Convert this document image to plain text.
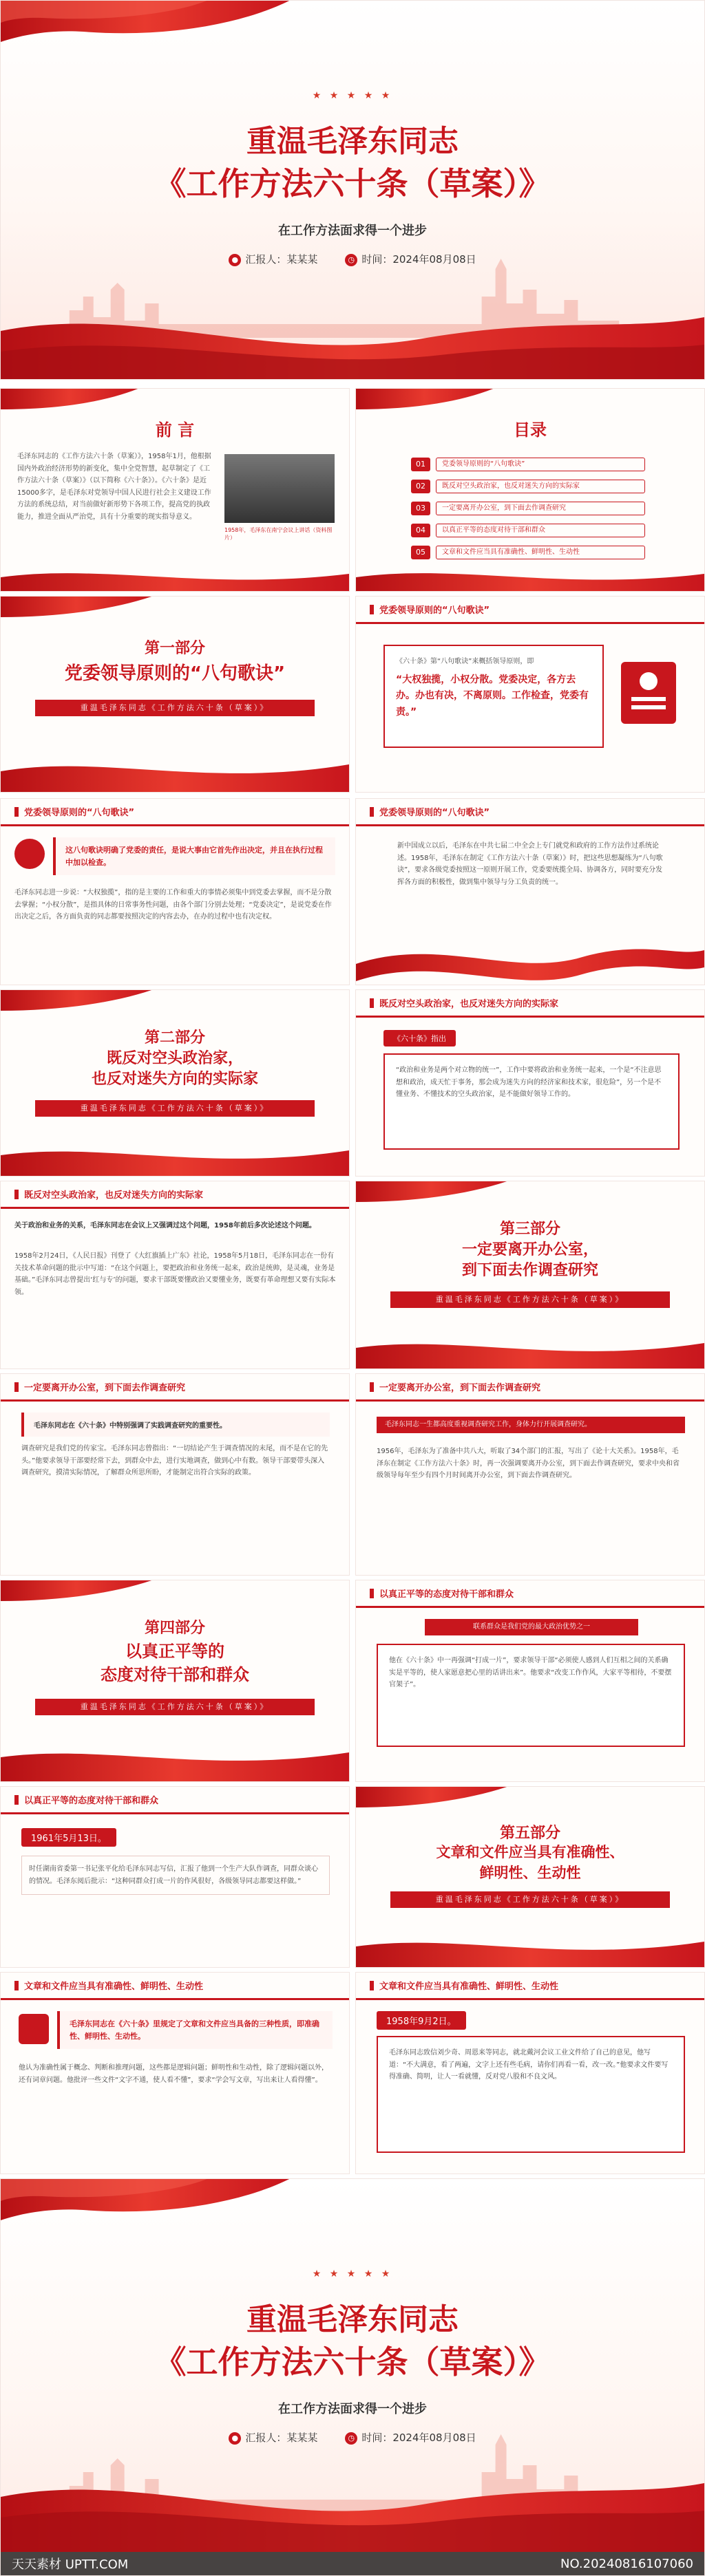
★ ★ ★ ★ ★
重温毛泽东同志
《工作方法六十条（草案）》
在工作方法面求得一个进步
● 汇报人：某某某	◷ 时间：2024年08月08日
前 言
毛泽东同志的《工作方法六十条（草案）》，1958年1月，他根据国内外政治经济形势的新变化，集中全党智慧，起草制定了《工作方法六十条（草案）》（以下简称《六十条》）。《六十条》是近15000多字，是毛泽东对党领导中国人民进行社会主义建设工作方法的系统总结，对当前做好新形势下各项工作，提高党的执政能力，推进全面从严治党，具有十分重要的现实指导意义。
1958年，毛泽东在南宁会议上讲话（资料图片）
目录
01	党委领导原则的“八句歌诀”
02	既反对空头政治家，也反对迷失方向的实际家
03	一定要离开办公室，到下面去作调查研究
04	以真正平等的态度对待干部和群众
05	文章和文件应当具有准确性、鲜明性、生动性
第一部分
党委领导原则的“八句歌诀”
重温毛泽东同志《工作方法六十条（草案）》
党委领导原则的“八句歌诀”
《六十条》第“八句歌诀”来概括领导原则，即
“大权独揽，小权分散。党委决定，各方去办。办也有决，不离原则。工作检查，党委有责。”
党委领导原则的“八句歌诀”
这八句歌诀明确了党委的责任，是说大事由它首先作出决定，并且在执行过程中加以检查。
毛泽东同志进一步说：“大权独揽”，指的是主要的工作和重大的事情必须集中到党委去掌握，而不是分散去掌握；“小权分散”，是指具体的日常事务性问题，由各个部门分别去处理；“党委决定”，是说党委在作出决定之后，各方面负责的同志都要按照决定的内容去办，在办的过程中也有决定权。
党委领导原则的“八句歌诀”
新中国成立以后，毛泽东在中共七届二中全会上专门就党和政府的工作方法作过系统论述。1958年，毛泽东在制定《工作方法六十条（草案）》时，把这些思想凝练为“八句歌诀”，要求各级党委按照这一原则开展工作，党委要统揽全局、协调各方，同时要充分发挥各方面的积极性，做到集中领导与分工负责的统一。
第二部分
既反对空头政治家，
也反对迷失方向的实际家
重温毛泽东同志《工作方法六十条（草案）》
既反对空头政治家，也反对迷失方向的实际家
《六十条》指出
“政治和业务是两个对立物的统一”，工作中要将政治和业务统一起来，一个是“不注意思想和政治，成天忙于事务，那会成为迷失方向的经济家和技术家，很危险”，另一个是不懂业务、不懂技术的空头政治家，是不能做好领导工作的。
既反对空头政治家，也反对迷失方向的实际家
关于政治和业务的关系，毛泽东同志在会议上又强调过这个问题，1958年前后多次论述这个问题。
1958年2月24日，《人民日报》刊登了《大红旗插上广东》社论，1958年5月18日，毛泽东同志在一份有关技术革命问题的批示中写道：“在这个问题上，要把政治和业务统一起来，政治是统帅，是灵魂，业务是基础。”毛泽东同志曾提出‘红与专’的问题，要求干部既要懂政治又要懂业务，既要有革命理想又要有实际本领。
第三部分
一定要离开办公室，
到下面去作调查研究
重温毛泽东同志《工作方法六十条（草案）》
一定要离开办公室，到下面去作调查研究
毛泽东同志在《六十条》中特别强调了实践调查研究的重要性。
调查研究是我们党的传家宝。毛泽东同志曾指出：“一切结论产生于调查情况的末尾，而不是在它的先头。”他要求领导干部要经常下去，到群众中去，进行实地调查，做到心中有数。领导干部要带头深入调查研究，摸清实际情况，了解群众所思所盼，才能制定出符合实际的政策。
一定要离开办公室，到下面去作调查研究
毛泽东同志一生都高度重视调查研究工作，身体力行开展调查研究。
1956年，毛泽东为了准备中共八大，听取了34个部门的汇报，写出了《论十大关系》。1958年，毛泽东在制定《工作方法六十条》时，再一次强调要离开办公室，到下面去作调查研究，要求中央和省级领导每年至少有四个月时间离开办公室，到下面去作调查研究。
第四部分
以真正平等的
态度对待干部和群众
重温毛泽东同志《工作方法六十条（草案）》
以真正平等的态度对待干部和群众
联系群众是我们党的最大政治优势之一
他在《六十条》中一再强调“打成一片”，要求领导干部“必须使人感到人们互相之间的关系确实是平等的，使人家愿意把心里的话讲出来”。他要求“改变工作作风，大家平等相待，不要摆官架子”。
以真正平等的态度对待干部和群众
1961年5月13日。
时任湖南省委第一书记张平化给毛泽东同志写信，汇报了他到一个生产大队作调查，同群众谈心的情况。毛泽东阅后批示：“这种同群众打成一片的作风很好，各级领导同志都要这样做。”
第五部分
文章和文件应当具有准确性、
鲜明性、生动性
重温毛泽东同志《工作方法六十条（草案）》
文章和文件应当具有准确性、鲜明性、生动性
毛泽东同志在《六十条》里规定了文章和文件应当具备的三种性质，即准确性、鲜明性、生动性。
他认为准确性属于概念、判断和推理问题，这些都是逻辑问题；鲜明性和生动性，除了逻辑问题以外，还有词章问题。他批评一些文件“文字不通，使人看不懂”，要求“学会写文章，写出来让人看得懂”。
文章和文件应当具有准确性、鲜明性、生动性
1958年9月2日。
毛泽东同志致信刘少奇、周恩来等同志，就北戴河会议工业文件给了自己的意见，他写道：“不大满意，看了两遍，文字上还有些毛病，请你们再看一看，改一改。”他要求文件要写得准确、简明，让人一看就懂，反对党八股和不良文风。
★ ★ ★ ★ ★
重温毛泽东同志
《工作方法六十条（草案）》
在工作方法面求得一个进步
● 汇报人：某某某	◷ 时间：2024年08月08日
天天素材 UPTT.COM	NO.20240816107060
